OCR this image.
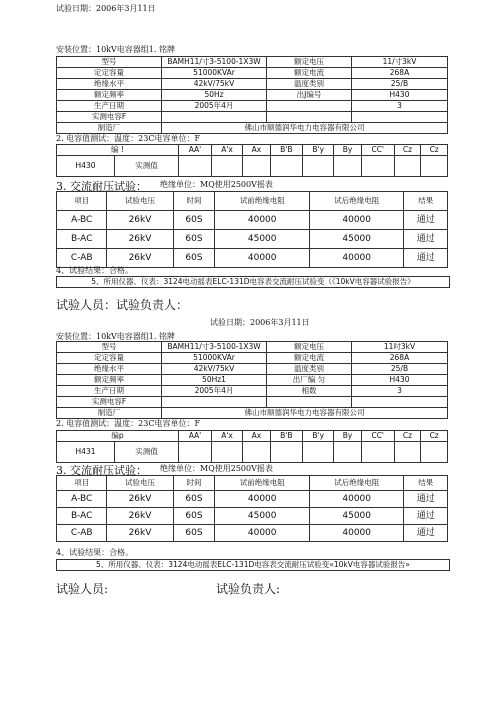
试验日期：2006年3月11日
安装位置：10kV电容器组1. 铭牌
型号	BAMH11/寸3-5100-1X3W	额定电压	11/寸3kV
定定容量	51000KVAr	额定电流	268A
绝缘水平	42kV/75kV	温度类别	25/B
额定频率	50Hz	出J编号	H430
生产日期	2005年4月		3
实测电容F			
制造厂	佛山市顺德润华电力电容器有限公司		
2. 电容值测试：温度：23C电容单位：F
编 !		AA'	A'x	Ax	B'B	B'y	By	CC'	Cz	Cz
H430	实测值									
3. 交流耐压试验： 绝缘单位：MQ使用2500V摇表
项目	试验电压	时间	试前绝缘电阻	试后绝缘电阻	结果
A-BC	26kV	60S	40000	40000	通过
B-AC	26kV	60S	45000	45000	通过
C-AB	26kV	60S	40000	40000	通过
4、试验结果：合格。
5、所用仪器、仪表：3124电动摇表ELC-131D电容表交流耐压试验变（《10kV电容器试验报告》
试验人员：试验负责人：
试验日期：2006年3月11日
安装位置：10kV电容器组1. 铭牌
型号	BAMH11/寸3-5100-1X3W	额定电压	11吋3kV
定定容量	51000KVAr	额定电流	268A
绝缘水平	42kV/75kV	温度类别	25/B
额定频率	50Hz1	出厂编 匀	H430
生产日期	2005年4月	相数	3
实测电容F			
制造厂	佛山市顺德润华电力电容器有限公司		
2. 电容值测试：温度：23C电容单位：F
编p		AA'	A'x	Ax	B'B	B'y	By	CC'	Cz	Cz
H431	实测值									
3. 交流耐压试验： 绝缘单位：MQ使用2500V摇表
项目	试验电压	时间	试前绝缘电阻	试后绝缘电阻	结果
A-BC	26kV	60S	40000	40000	通过
B-AC	26kV	60S	45000	45000	通过
C-AB	26kV	60S	40000	40000	通过
4、试验结果：合格。
5、所用仪器、仪表：3124电动摇表ELC-131D电容表交流耐压试验变«10kV电容器试验报告»
试验人员:	试验负责人:
